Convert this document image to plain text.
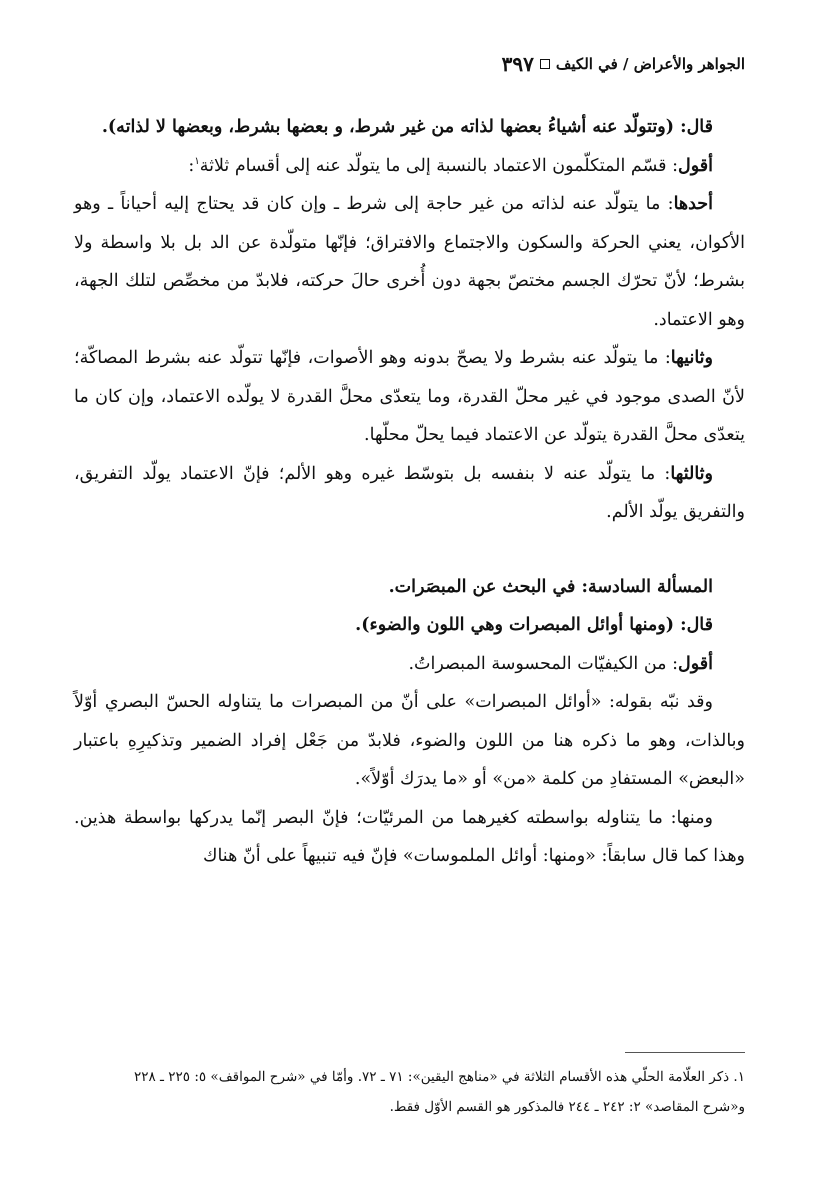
الجواهر والأعراض / في الكيف
٣٩٧

قال: (وتتولّد عنه أشياءُ بعضها لذاته من غير شرط، و بعضها بشرط، وبعضها لا لذاته).

أقول: قسّم المتكلّمون الاعتماد بالنسبة إلى ما يتولّد عنه إلى أقسام ثلاثة$^١$:

أحدها: ما يتولّد عنه لذاته من غير حاجة إلى شرط ـ وإن كان قد يحتاج إليه أحياناً ـ وهو الأكوان، يعني الحركة والسكون والاجتماع والافتراق؛ فإنّها متولّدة عن الد بل بلا واسطة ولا بشرط؛ لأنّ تحرّك الجسم مختصّ بجهة دون أُخرى حالَ حركته، فلابدّ من مخصِّص لتلك الجهة، وهو الاعتماد.

وثانيها: ما يتولّد عنه بشرط ولا يصحّ بدونه وهو الأصوات، فإنّها تتولّد عنه بشرط المصاكّة؛ لأنّ الصدى موجود في غير محلّ القدرة، وما يتعدّى محلَّ القدرة لا يولّده الاعتماد، وإن كان ما يتعدّى محلَّ القدرة يتولّد عن الاعتماد فيما يحلّ محلّها.

وثالثها: ما يتولّد عنه لا بنفسه بل بتوسّط غيره وهو الألم؛ فإنّ الاعتماد يولّد التفريق، والتفريق يولّد الألم.

المسألة السادسة: في البحث عن المبصَرات.

قال: (ومنها أوائل المبصرات وهي اللون والضوء).

أقول: من الكيفيّات المحسوسة المبصراتُ.

وقد نبّه بقوله: «أوائل المبصرات» على أنّ من المبصرات ما يتناوله الحسّ البصري أوّلاً وبالذات، وهو ما ذكره هنا من اللون والضوء، فلابدّ من جَعْل إفراد الضمير وتذكيرِهِ باعتبار «البعض» المستفادِ من كلمة «من» أو «ما يدرَك أوّلاً».

ومنها: ما يتناوله بواسطته كغيرهما من المرئيّات؛ فإنّ البصر إنّما يدركها بواسطة هذين. وهذا كما قال سابقاً: «ومنها: أوائل الملموسات» فإنّ فيه تنبيهاً على أنّ هناك

١. ذكر العلّامة الحلّي هذه الأقسام الثلاثة في «مناهج اليقين»: ٧١ ـ ٧٢. وأمّا في «شرح المواقف» ٥: ٢٢٥ ـ ٢٢٨

و«شرح المقاصد» ٢: ٢٤٢ ـ ٢٤٤ فالمذكور هو القسم الأوّل فقط.
